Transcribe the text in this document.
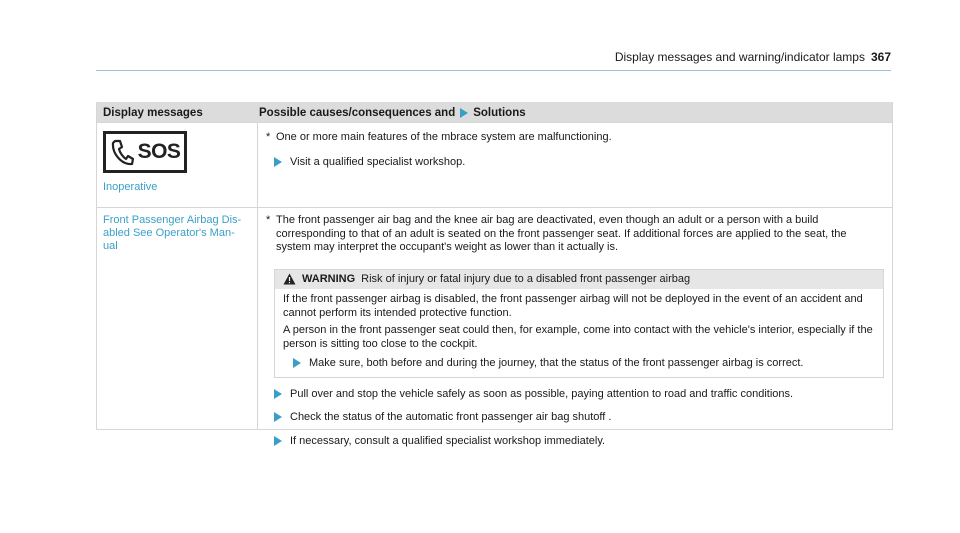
Display messages and warning/indicator lamps 367
Display messages	Possible causes/consequences and Solutions
SOS
Inoperative
* One or more main features of the mbrace system are malfunctioning.
Visit a qualified specialist workshop.
Front Passenger Airbag Dis-
abled See Operator's Man-
ual
* The front passenger air bag and the knee air bag are deactivated, even though an adult or a person with a build corresponding to that of an adult is seated on the front passenger seat. If additional forces are applied to the seat, the system may interpret the occupant's weight as lower than it actually is.
WARNING Risk of injury or fatal injury due to a disabled front passenger airbag

If the front passenger airbag is disabled, the front passenger airbag will not be deployed in the event of an accident and cannot perform its intended protective function.

A person in the front passenger seat could then, for example, come into contact with the vehicle's interior, especially if the person is sitting too close to the cockpit.

Make sure, both before and during the journey, that the status of the front passenger airbag is correct.
Pull over and stop the vehicle safely as soon as possible, paying attention to road and traffic conditions.
Check the status of the automatic front passenger air bag shutoff .
If necessary, consult a qualified specialist workshop immediately.
